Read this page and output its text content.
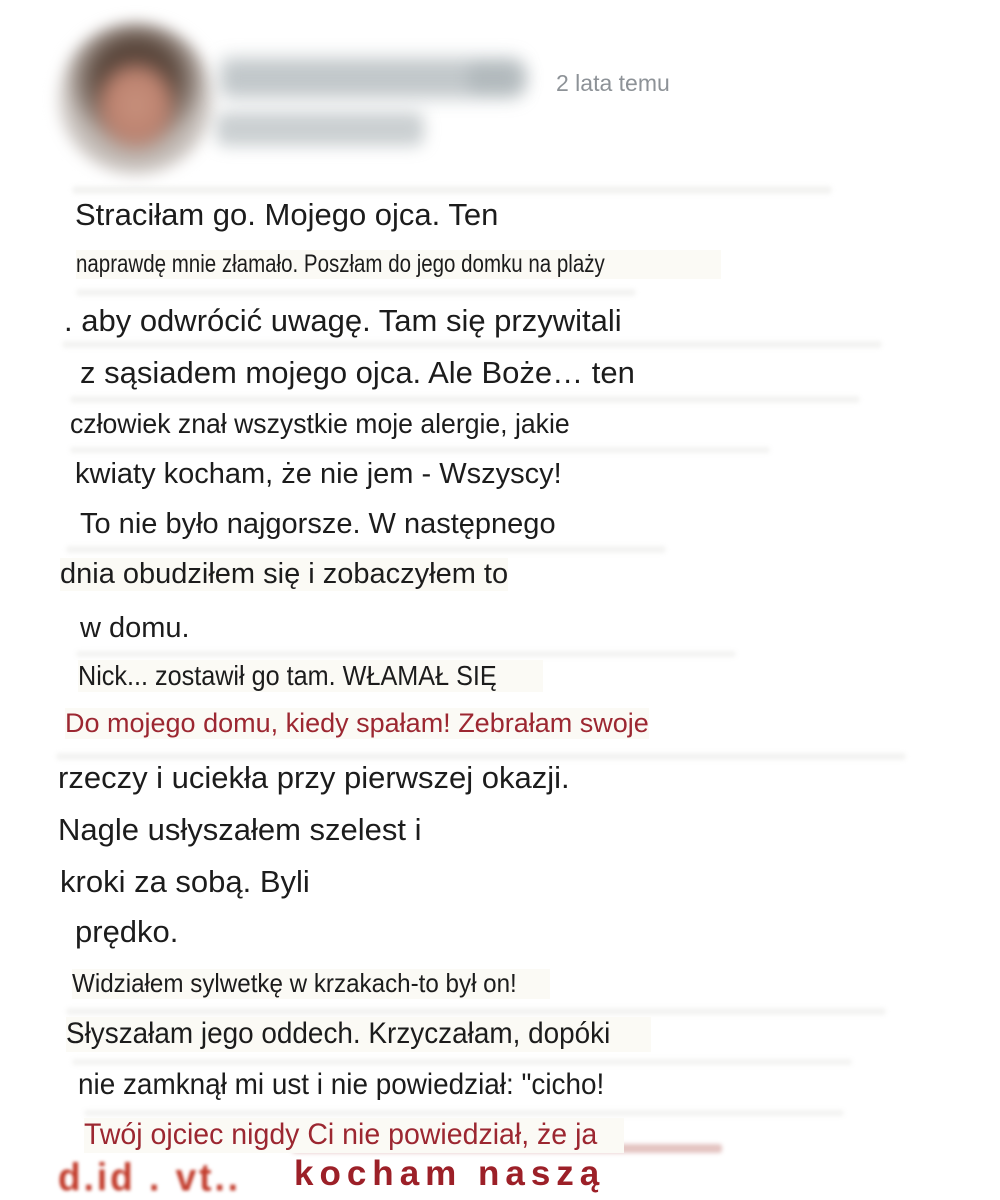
2 lata temu
Straciłam go. Mojego ojca. Ten
naprawdę mnie złamało. Poszłam do jego domku na plaży
. aby odwrócić uwagę. Tam się przywitali
z sąsiadem mojego ojca. Ale Boże… ten
człowiek znał wszystkie moje alergie, jakie
kwiaty kocham, że nie jem - Wszyscy!
To nie było najgorsze. W następnego
dnia obudziłem się i zobaczyłem to
w domu.
Nick... zostawił go tam. WŁAMAŁ SIĘ
Do mojego domu, kiedy spałam! Zebrałam swoje
rzeczy i uciekła przy pierwszej okazji.
Nagle usłyszałem szelest i
kroki za sobą. Byli
prędko.
Widziałem sylwetkę w krzakach-to był on!
Słyszałam jego oddech. Krzyczałam, dopóki
nie zamknął mi ust i nie powiedział: "cicho!
Twój ojciec nigdy Ci nie powiedział, że ja
d.id . vt.. kocham naszą
